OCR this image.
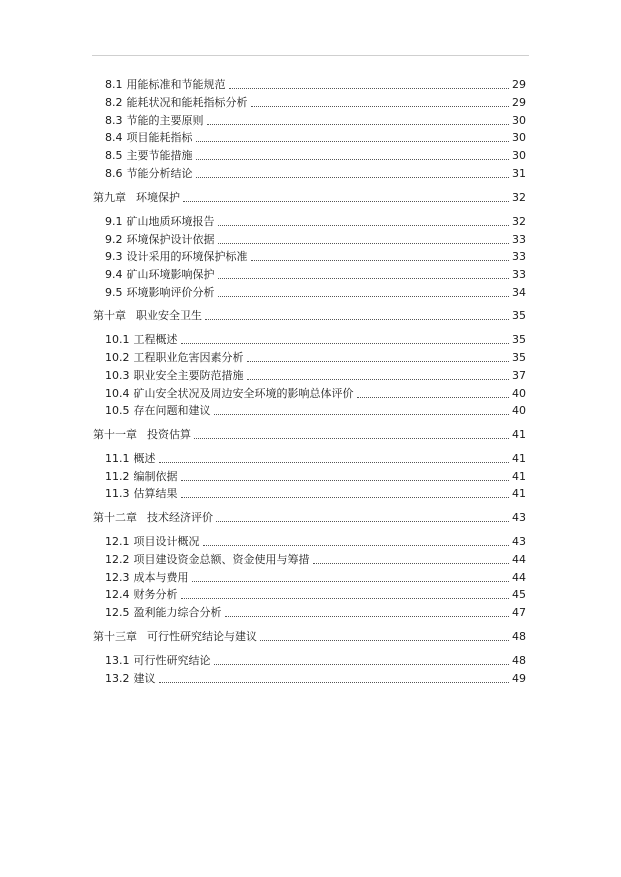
8.1 用能标准和节能规范	29
8.2 能耗状况和能耗指标分析	29
8.3 节能的主要原则	30
8.4 项目能耗指标	30
8.5 主要节能措施	30
8.6 节能分析结论	31
第九章 环境保护	32
9.1 矿山地质环境报告	32
9.2 环境保护设计依据	33
9.3 设计采用的环境保护标准	33
9.4 矿山环境影响保护	33
9.5 环境影响评价分析	34
第十章 职业安全卫生	35
10.1 工程概述	35
10.2 工程职业危害因素分析	35
10.3 职业安全主要防范措施	37
10.4 矿山安全状况及周边安全环境的影响总体评价	40
10.5 存在问题和建议	40
第十一章 投资估算	41
11.1 概述	41
11.2 编制依据	41
11.3 估算结果	41
第十二章 技术经济评价	43
12.1 项目设计概况	43
12.2 项目建设资金总额、资金使用与筹措	44
12.3 成本与费用	44
12.4 财务分析	45
12.5 盈利能力综合分析	47
第十三章 可行性研究结论与建议	48
13.1 可行性研究结论	48
13.2 建议	49
